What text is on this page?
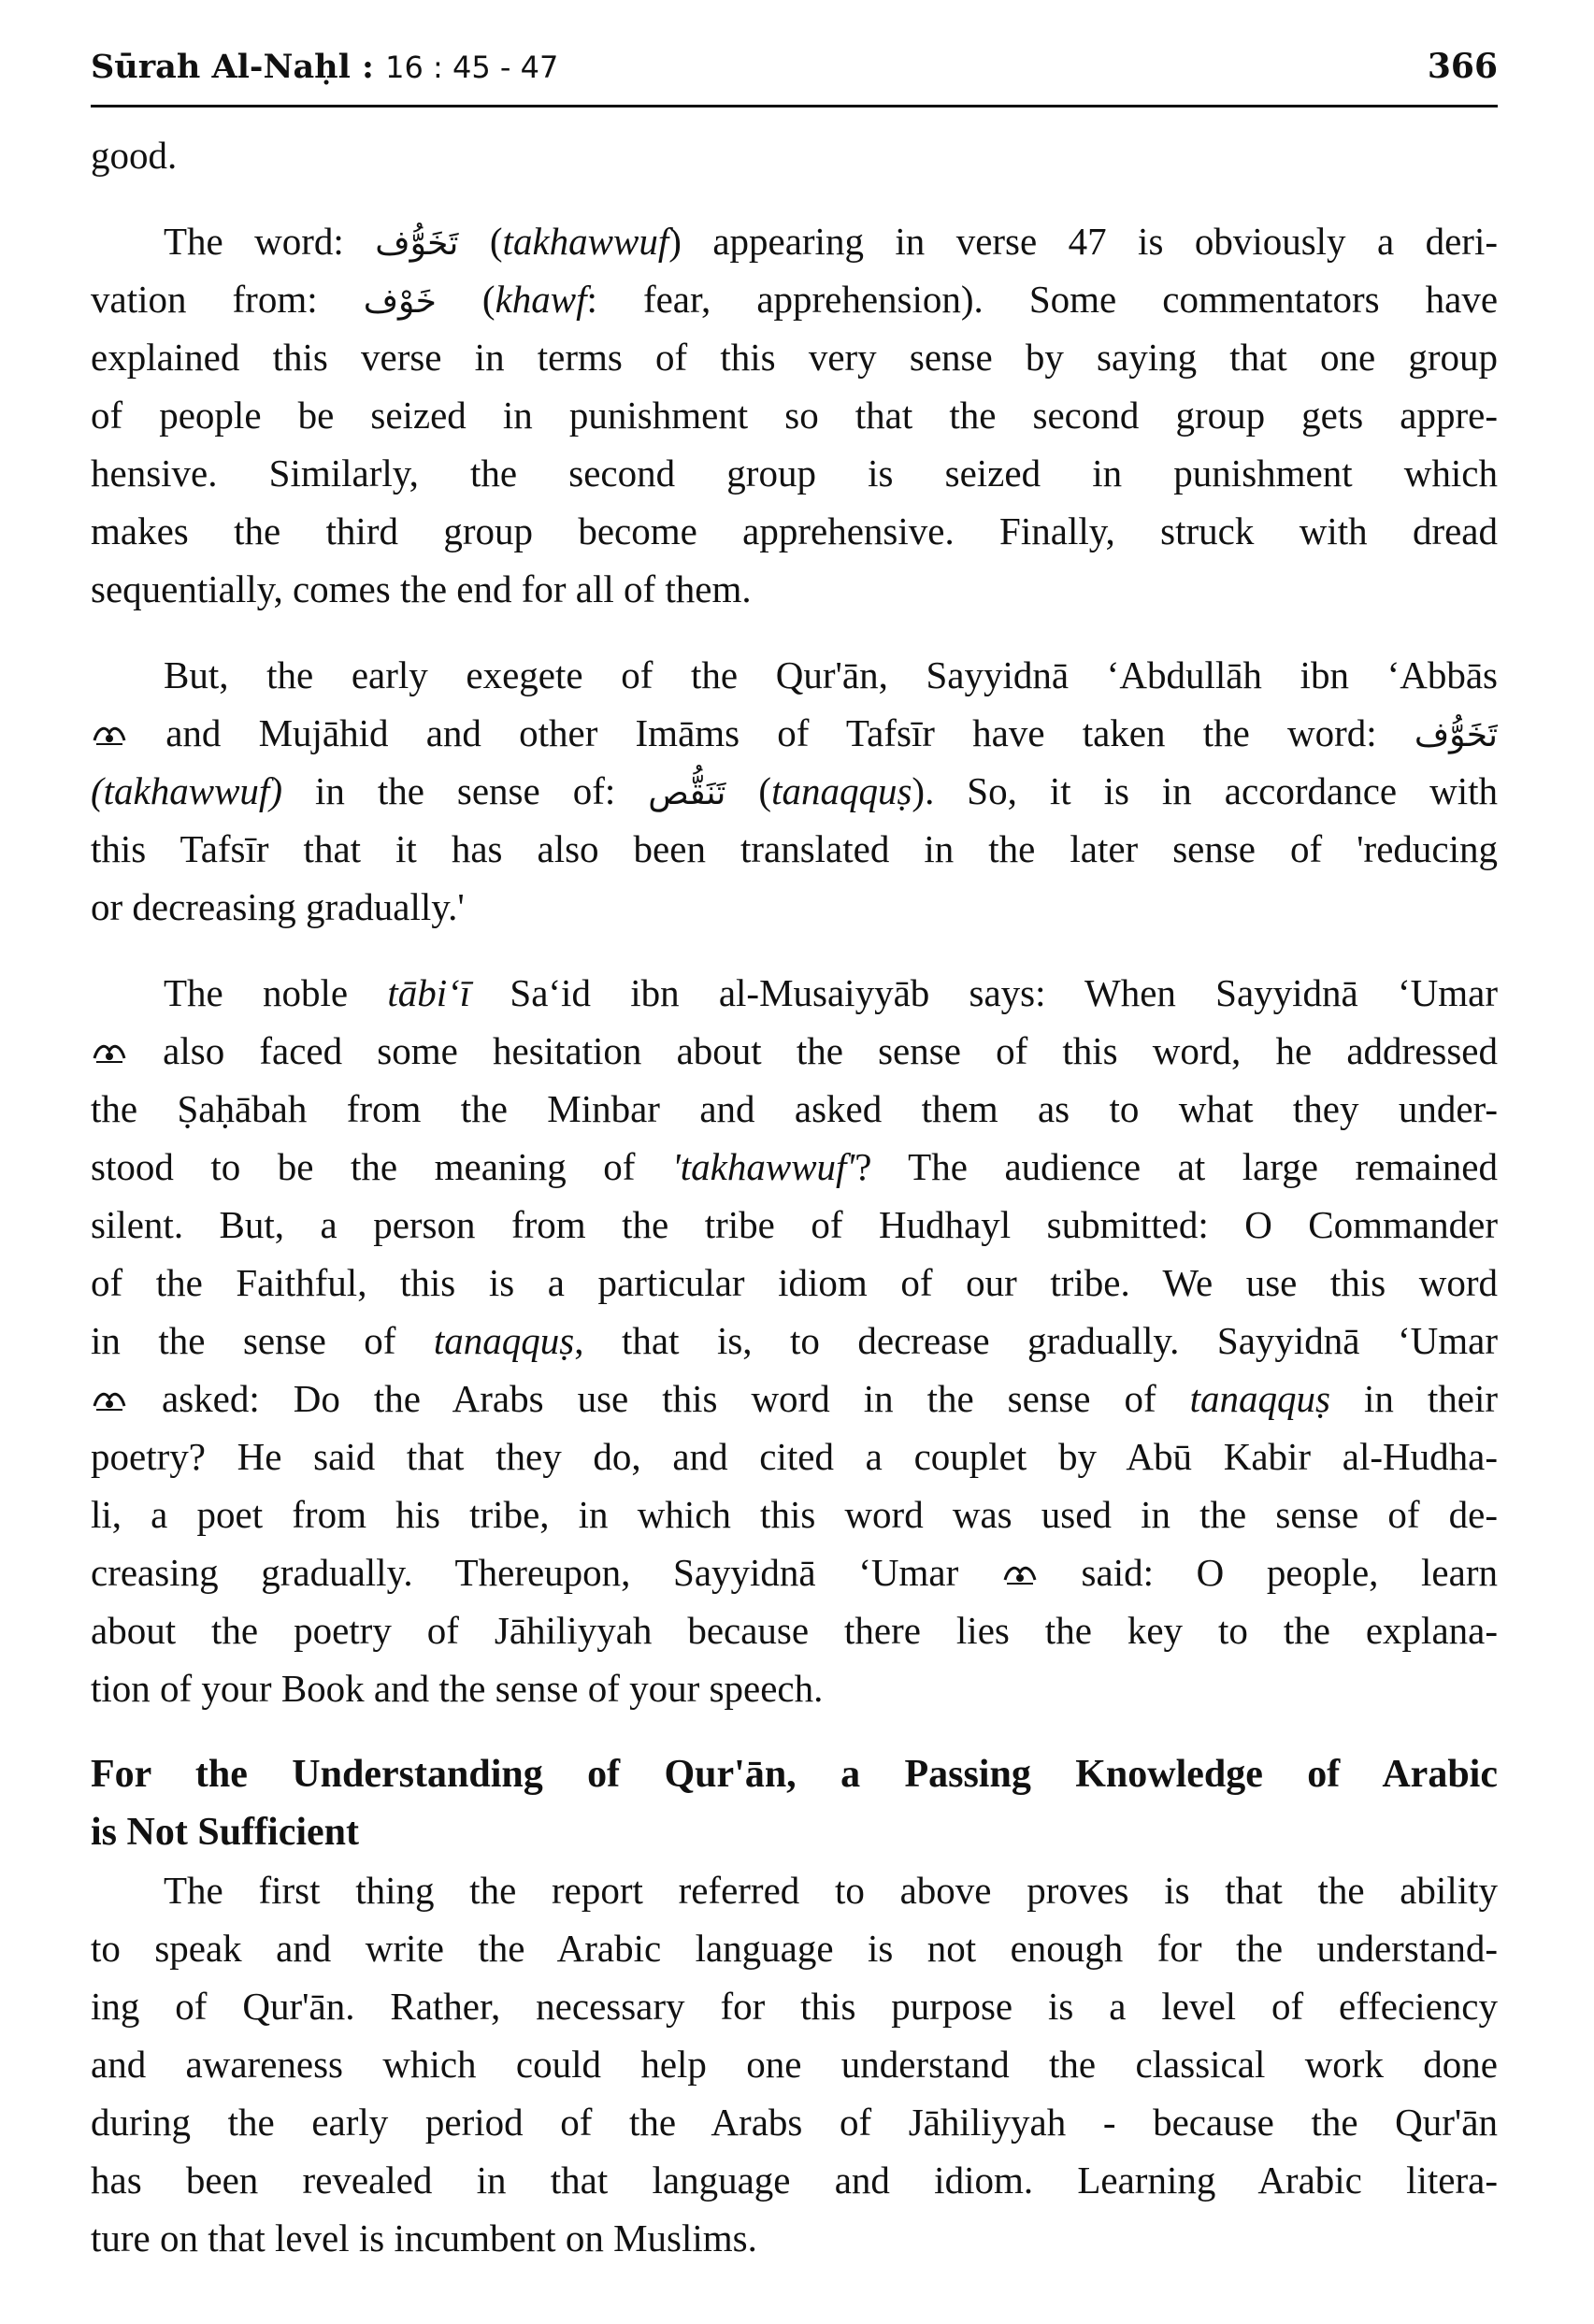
Sūrah Al-Naḥl : 16 : 45 - 47	366
good.
The word: تَخَوُّف (takhawwuf) appearing in verse 47 is obviously a deri-
vation from: خَوْف (khawf: fear, apprehension). Some commentators have
explained this verse in terms of this very sense by saying that one group
of people be seized in punishment so that the second group gets appre-
hensive. Similarly, the second group is seized in punishment which
makes the third group become apprehensive. Finally, struck with dread
sequentially, comes the end for all of them.
But, the early exegete of the Qur'ān, Sayyidnā ‘Abdullāh ibn ‘Abbās
and Mujāhid and other Imāms of Tafsīr have taken the word: تَخَوُّف
(takhawwuf) in the sense of: تَنَقُّص (tanaqquṣ). So, it is in accordance with
this Tafsīr that it has also been translated in the later sense of 'reducing
or decreasing gradually.'
The noble tābi‘ī Sa‘id ibn al-Musaiyyāb says: When Sayyidnā ‘Umar
also faced some hesitation about the sense of this word, he addressed
the Ṣaḥābah from the Minbar and asked them as to what they under-
stood to be the meaning of 'takhawwuf'? The audience at large remained
silent. But, a person from the tribe of Hudhayl submitted: O Commander
of the Faithful, this is a particular idiom of our tribe. We use this word
in the sense of tanaqquṣ, that is, to decrease gradually. Sayyidnā ‘Umar
asked: Do the Arabs use this word in the sense of tanaqquṣ in their
poetry? He said that they do, and cited a couplet by Abū Kabir al-Hudha-
li, a poet from his tribe, in which this word was used in the sense of de-
creasing gradually. Thereupon, Sayyidnā ‘Umar	said: O people, learn
about the poetry of Jāhiliyyah because there lies the key to the explana-
tion of your Book and the sense of your speech.
For the Understanding of Qur'ān, a Passing Knowledge of Arabic
is Not Sufficient
The first thing the report referred to above proves is that the ability
to speak and write the Arabic language is not enough for the understand-
ing of Qur'ān. Rather, necessary for this purpose is a level of effeciency
and awareness which could help one understand the classical work done
during the early period of the Arabs of Jāhiliyyah - because the Qur'ān
has been revealed in that language and idiom. Learning Arabic litera-
ture on that level is incumbent on Muslims.
